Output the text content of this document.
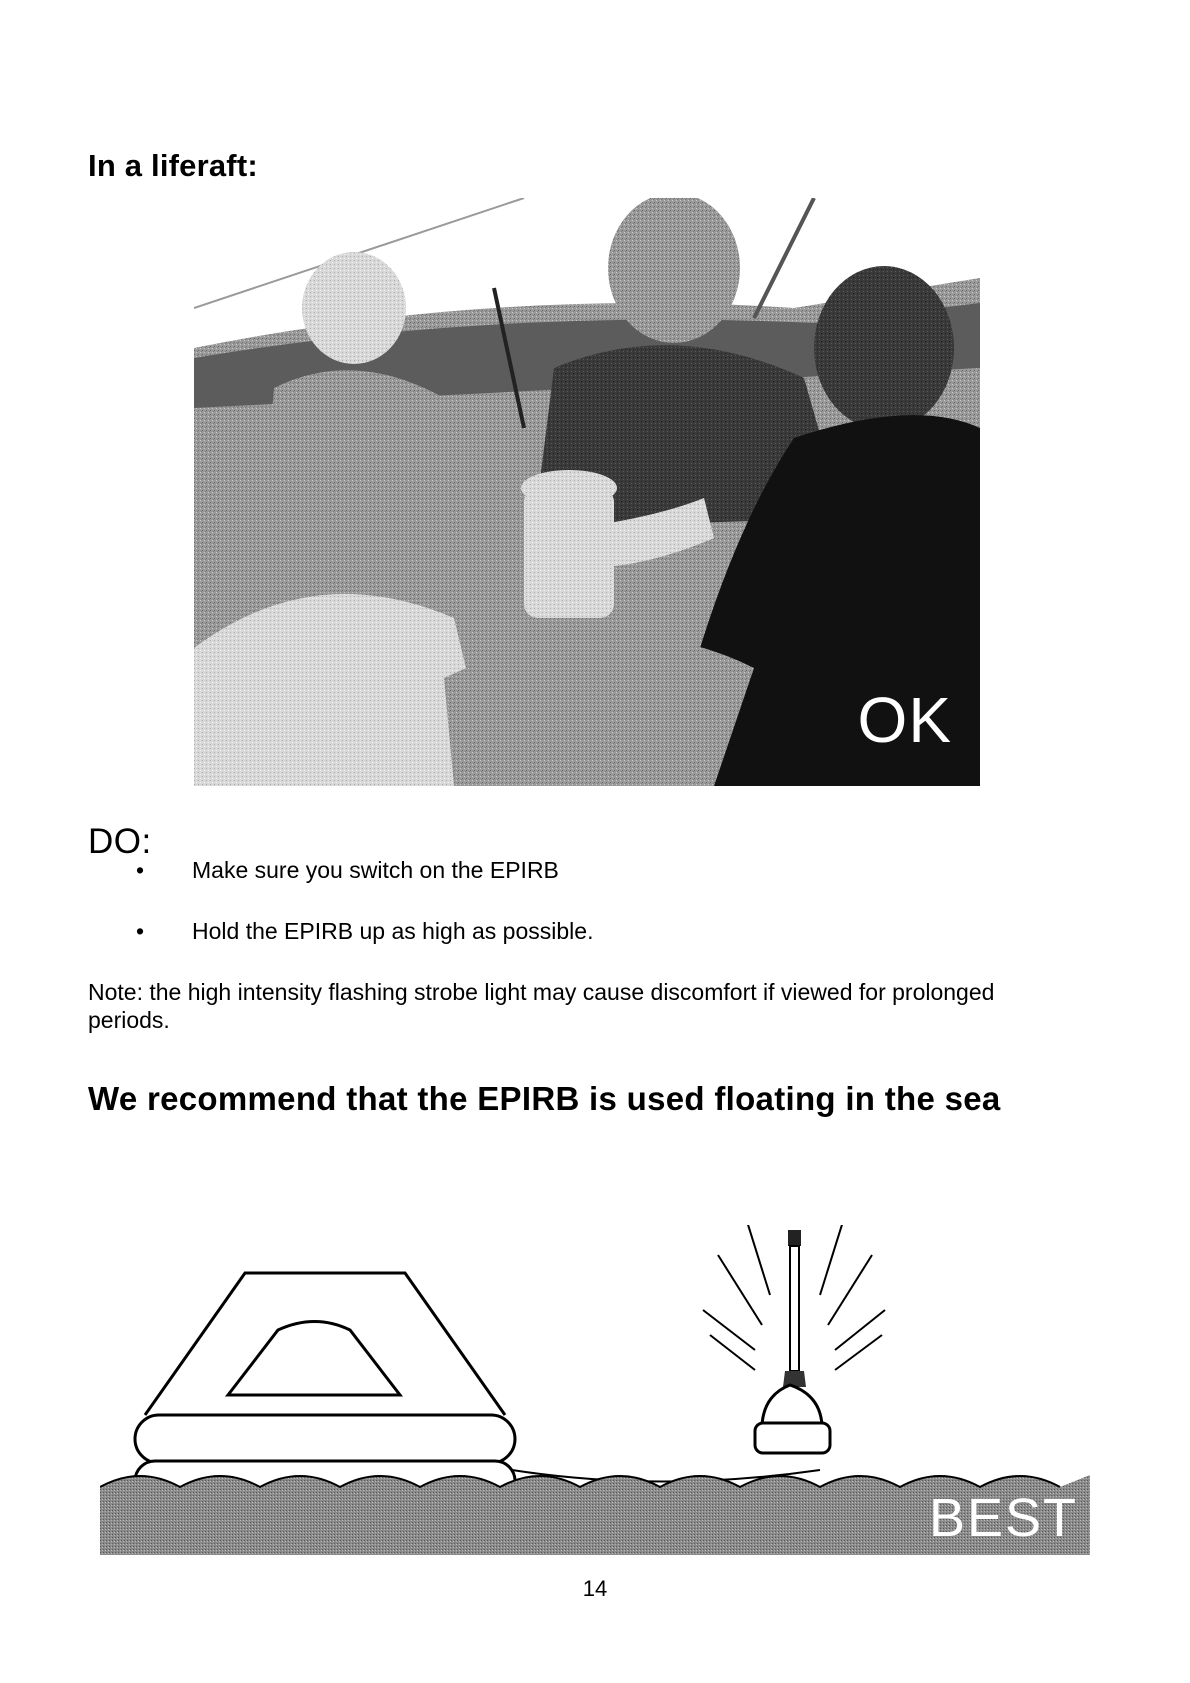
In a liferaft:
OK
DO:
• Make sure you switch on the EPIRB
• Hold the EPIRB up as high as possible.

Note: the high intensity flashing strobe light may cause discomfort if viewed for prolonged periods.

We recommend that the EPIRB is used floating in the sea
BEST

14
